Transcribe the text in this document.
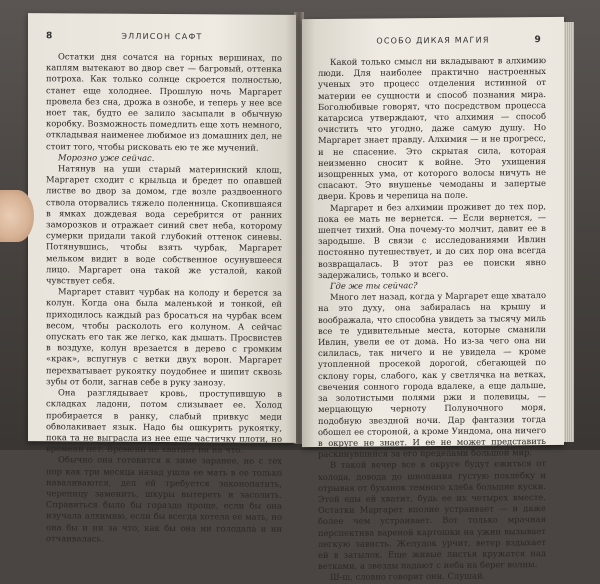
8	ЭЛЛИСОН САФТ

Остатки дня сочатся на горных вершинах, по каплям вытекают во двор свет — багровый, оттенка потроха. Как только солнце скроется полностью, станет еще холоднее. Прошлую ночь Маргарет провела без сна, дрожа в ознобе, и теперь у нее все ноет так, будто ее залило засыпали в обычную коробку. Возможность помедлить еще хоть немного, откладывая наименее любимое из домашних дел, не стоит того, чтобы рисковать ею те же мучений.

Морозно уже сейчас.

Натянув на уши старый материнский клош, Маргарет сходит с крыльца и бредет по опавшей листве во двор за домом, где возле раздвоенного ствола оторвались тяжело поленница. Скопившаяся в ямках дождевая вода серебрится от ранних заморозков и отражает синий свет неба, которому сумерки придали такой глубокий оттенок синевы. Потянувшись, чтобы взять чурбак, Маргарет мельком видит в воде собственное осунувшееся лицо. Маргарет она такой же усталой, какой чувствует себя.

Маргарет ставит чурбак на колоду и берется за колун. Когда она была маленькой и тонкой, ей приходилось каждый раз бросаться на чурбак всем весом, чтобы расколоть его колуном. А сейчас опускать его так же легко, как дышать. Просвистев в воздухе, колун врезается в дерево с громким «крак», вспугнув с ветки двух ворон. Маргарет перехватывает рукоятку поудобнее и шипит сквозь зубы от боли, загнав себе в руку занозу.

Она разглядывает кровь, проступившую в складках ладони, потом слизывает ее. Холод пробирается в ранку, слабый привкус меди обволакивает язык. Надо бы ошкурить рукоятку, пока та не выграсла из нее еще частичку плоти, но времени нет. Времени не хватает ни на что.

Обычно она готовится к зиме заранее, но с тех пор как три месяца назад ушла ее мать в ее только наваливаются, дел ей требуется законопатить, черепицу заменить, шкуры вытереть и засолить. Справиться было бы гораздо проще, если бы она изучала алхимию, если бы всегда хотела ее мать, но она бы и ни за что, как бы она ни голодала и ни отчаивалась.

ОСОБО ДИКАЯ МАГИЯ	9

Какой только смысл ни вкладывают в алхимию люди. Для наиболее практично настроенных ученых это процесс отделения истинной от материи ее сущности и способ познания мира. Боголюбивые говорят, что посредством процесса катарсиса утверждают, что алхимия — способ очистить что угодно, даже самую душу. Но Маргарет знает правду. Алхимия — и не прогресс, и не спасение. Это скрытая сила, которая неизменно сносит к войне. Это ухищения изощренных ума, от которого волосы ничуть не спасают. Это внушенье чемоданы и запертые двери. Кровь и черепица на поле.

Маргарет и без алхимии проживет до тех пор, пока ее мать не вернется. — Если вернется, — шепчет тихий. Она почему-то молчит, давит ее в зародыше. В связи с исследованиями Ивлин постоянно путешествует, и до сих пор она всегда возвращалась. В этот раз ее поиски явно задержались, только и всего.

Где же ты сейчас?

Много лет назад, когда у Маргарет еще хватало на это духу, она забиралась на крышу и воображала, что способна увидеть за тысячу миль все те удивительные места, которые сманили Ивлин, увели ее от дома. Но из-за чего она ни силилась, так ничего и не увидела — кроме утопленной просекой дорогой, сбегающей по склону горы, слабого, как у светлячка на ветках, свечения сонного города вдалеке, а еще дальше, за золотистыми полями ржи и полевицы, — мерцающую черноту Полуночного моря, подобную звездной ночи. Дар фантазии тогда обошел ее стороной, а кроме Уиндома, она ничего в округе не знает. И ее не может представить раскинувшийся за его пределами большой мир.

В такой вечер все в округе будут ежиться от холода, довода до шнопания густую похлебку и отрывая от буханок темного хлеба большие куски. Этой еды ей хватит, будь ее их четырех вместе. Остатки Маргарет вполне устраивает — и даже более чем устраивает. Вот только мрачная перспектива вареной картошки на ужин вызывает легкую зависть. Желудок урчит, ветер вздыхает ей в затылок. Еще живые листья кружатся над ветками, а звезды падают с неба на берег волны.

Ш-ш, словно говорит они. Слушай.
